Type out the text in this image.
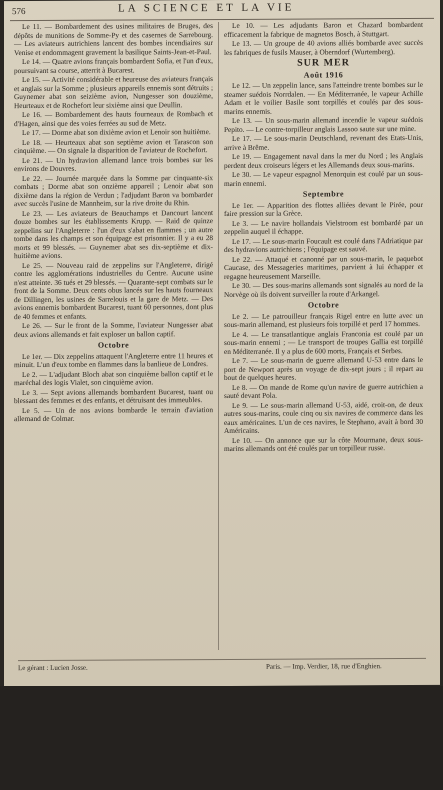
576	LA SCIENCE ET LA VIE
Le 11. — Bombardement des usines militaires de Bruges, des dépôts de munitions de Somme-Py et des casernes de Sarrebourg. — Les aviateurs autrichiens lancent des bombes incendiaires sur Venise et endommagent gravement la basilique Saints-Jean-et-Paul.
Le 14. — Quatre avions français bombardent Sofia, et l'un d'eux, poursuivant sa course, atterrit à Bucarest.
Le 15. — Activité considérable et heureuse des aviateurs français et anglais sur la Somme ; plusieurs appareils ennemis sont détruits ; Guynemer abat son seizième avion, Nungesser son douzième, Heurteaux et de Rochefort leur sixième ainsi que Deullin.
Le 16. — Bombardement des hauts fourneaux de Rombach et d'Hagen, ainsi que des voies ferrées au sud de Metz.
Le 17. — Dorme abat son dixième avion et Lenoir son huitième.
Le 18. — Heurteaux abat son septième avion et Tarascon son cinquième. — On signale la disparition de l'aviateur de Rochefort.
Le 21. — Un hydravion allemand lance trois bombes sur les environs de Douvres.
Le 22. — Journée marquée dans la Somme par cinquante-six combats ; Dorme abat son onzième appareil ; Lenoir abat son dixième dans la région de Verdun ; l'adjudant Baron va bombarder avec succès l'usine de Mannheim, sur la rive droite du Rhin.
Le 23. — Les aviateurs de Beauchamps et Dancourt lancent douze bombes sur les établissements Krupp. — Raid de quinze zeppelins sur l'Angleterre : l'un d'eux s'abat en flammes ; un autre tombe dans les champs et son équipage est prisonnier. Il y a eu 28 morts et 99 blessés. — Guynemer abat ses dix-septième et dix-huitième avions.
Le 25. — Nouveau raid de zeppelins sur l'Angleterre, dirigé contre les agglomérations industrielles du Centre. Aucune usine n'est atteinte. 36 tués et 29 blessés. — Quarante-sept combats sur le front de la Somme. Deux cents obus lancés sur les hauts fourneaux de Dillingen, les usines de Sarrelouis et la gare de Metz. — Des avions ennemis bombardent Bucarest, tuant 60 personnes, dont plus de 40 femmes et enfants.
Le 26. — Sur le front de la Somme, l'aviateur Nungesser abat deux avions allemands et fait exploser un ballon captif.
Octobre
Le 1er. — Dix zeppelins attaquent l'Angleterre entre 11 heures et minuit. L'un d'eux tombe en flammes dans la banlieue de Londres.
Le 2. — L'adjudant Bloch abat son cinquième ballon captif et le maréchal des logis Vialet, son cinquième avion.
Le 3. — Sept avions allemands bombardent Bucarest, tuant ou blessant des femmes et des enfants, et détruisant des immeubles.
Le 5. — Un de nos avions bombarde le terrain d'aviation allemand de Colmar.
Le 10. — Les adjudants Baron et Chazard bombardent efficacement la fabrique de magnetos Bosch, à Stuttgart.
Le 13. — Un groupe de 40 avions alliés bombarde avec succès les fabriques de fusils Mauser, à Oberndorf (Wurtemberg).
SUR MER
Août 1916
Le 12. — Un zeppelin lance, sans l'atteindre trente bombes sur le steamer suédois Norrdalen. — En Méditerranée, le vapeur Achille Adam et le voilier Basile sont torpillés et coulés par des sous-marins ennemis.
Le 13. — Un sous-marin allemand incendie le vapeur suédois Pepito. — Le contre-torpilleur anglais Lassoo saute sur une mine.
Le 17. — Le sous-marin Deutschland, revenant des Etats-Unis, arrive à Brême.
Le 19. — Engagement naval dans la mer du Nord ; les Anglais perdent deux croiseurs légers et les Allemands deux sous-marins.
Le 30. — Le vapeur espagnol Menorquin est coulé par un sous-marin ennemi.
Septembre
Le 1er. — Apparition des flottes alliées devant le Pirée, pour faire pression sur la Grèce.
Le 3. — Le navire hollandais Vielstroom est bombardé par un zeppelin auquel il échappe.
Le 17. — Le sous-marin Foucault est coulé dans l'Adriatique par des hydravions autrichiens ; l'équipage est sauvé.
Le 22. — Attaqué et canonné par un sous-marin, le paquebot Caucase, des Messageries maritimes, parvient à lui échapper et regagne heureusement Marseille.
Le 30. — Des sous-marins allemands sont signalés au nord de la Norvège où ils doivent surveiller la route d'Arkangel.
Octobre
Le 2. — Le patrouilleur français Rigel entre en lutte avec un sous-marin allemand, est plusieurs fois torpillé et perd 17 hommes.
Le 4. — Le transatlantique anglais Franconia est coulé par un sous-marin ennemi ; — Le transport de troupes Gallia est torpillé en Méditerranée. Il y a plus de 600 morts, Français et Serbes.
Le 7. — Le sous-marin de guerre allemand U-53 entre dans le port de Newport après un voyage de dix-sept jours ; il repart au bout de quelques heures.
Le 8. — On mande de Rome qu'un navire de guerre autrichien a sauté devant Pola.
Le 9. — Le sous-marin allemand U-53, aidé, croit-on, de deux autres sous-marins, coule cinq ou six navires de commerce dans les eaux américaines. L'un de ces navires, le Stephano, avait à bord 30 Américains.
Le 10. — On annonce que sur la côte Mourmane, deux sous-marins allemands ont été coulés par un torpilleur russe.
Le gérant : Lucien Josse.	Paris. — Imp. Verdier, 18, rue d'Enghien.
